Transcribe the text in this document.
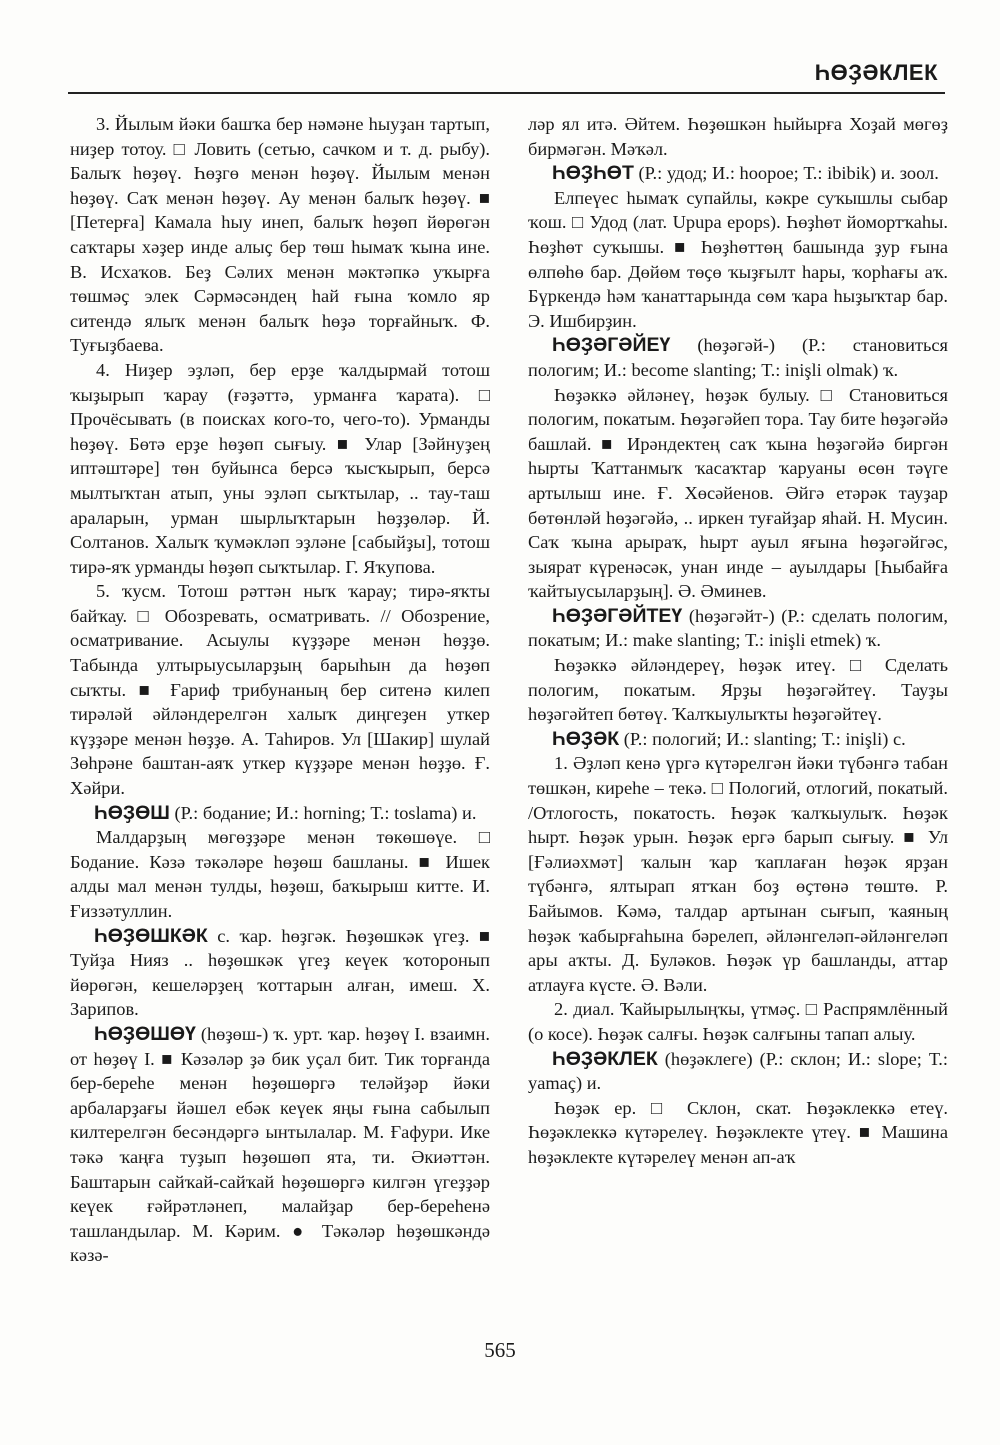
ҺӨҘӘКЛЕК

3. Йылым йәки башҡа бер нәмәне һыуҙан тартып, ниҙер тотоу. □ Ловить (сетью, сачком и т. д. рыбу). Балыҡ һөҙөү. Һөҙгө менән һөҙөү. Йылым менән һөҙөү. Саҡ менән һөҙөү. Ау менән балыҡ һөҙөү. ■ [Петерға] Камала һыу инеп, балыҡ һөҙөп йөрөгән саҡтары хәҙер инде алыҫ бер төш һымаҡ ҡына ине. В. Исхаҡов. Беҙ Сәлих менән мәктәпкә уҡырға төшмәҫ элек Сәрмәсәндең һай ғына ҡомло яр ситендә ялыҡ менән балыҡ һөҙә торғайныҡ. Ф. Туғыҙбаева.

4. Ниҙер эҙләп, бер ерҙе ҡалдырмай тотош ҡыҙырып ҡарау (ғәҙәттә, урманға ҡарата). □ Прочёсывать (в поисках кого-то, чего-то). Урманды һөҙөү. Бөтә ерҙе һөҙөп сығыу. ■ Улар [Зәйнуҙең иптәштәре] төн буйынса берсә ҡысҡырып, берсә мылтыҡтан атып, уны эҙләп сыҡтылар, .. тау-таш араларын, урман шырлыҡтарын һөҙҙөләр. Й. Солтанов. Халыҡ ҡумәкләп эҙләне [сабыйҙы], тотош тирә-яҡ урманды һөҙөп сыҡтылар. Г. Яҡупова.

5. ҡусм. Тотош рәттән ныҡ ҡарау; тирә-яҡты байҡау. □ Обозревать, осматривать. // Обозрение, осматривание. Асыулы күҙҙәре менән һөҙҙө. Табында ултырыусыларҙың барыһын да һөҙөп сыҡты. ■ Ғариф трибунаның бер ситенә килеп тирәләй әйләндерелгән халыҡ диңгеҙен уткер күҙҙәре менән һөҙҙө. А. Таһиров. Ул [Шакир] шулай Зөһрәне баштан-аяҡ уткер күҙҙәре менән һөҙҙө. Ғ. Хәйри.

ҺӨҘӨШ (Р.: бодание; И.: horning; Т.: toslama) и.

Малдарҙың мөгөҙҙәре менән төкөшөүе. □ Бодание. Кәзә тәкәләре һөҙөш башланы. ■ Ишек алды мал менән тулды, һөҙөш, баҡырыш китте. И. Ғиззәтуллин.

ҺӨҘӨШКӘК с. ҡар. һөҙгәк. Һөҙөшкәк үгеҙ. ■ Туйҙа Нияз .. һөҙөшкәк үгеҙ кеүек ҡоторонып йөрөгән, кешеләрҙең ҡоттарын алған, имеш. Х. Зарипов.

ҺӨҘӨШӨҮ (һөҙөш-) ҡ. урт. ҡар. һөҙөү I. взаимн. от һөҙөү I. ■ Кәзәләр ҙә бик уҫал бит. Тик торғанда бер-береһе менән һөҙөшөргә теләйҙәр йәки арбаларҙағы йәшел ебәк кеүек яңы ғына сабылып килтерелгән бесәндәргә ынтылалар. М. Ғафури. Ике тәкә ҡаңға туҙып һөҙөшөп ята, ти. Әкиәттән. Баштарын сайҡай-сайҡай һөҙөшөргә килгән үгеҙҙәр кеүек ғәйрәтләнеп, малайҙар бер-береһенә ташландылар. М. Кәрим. ● Тәкәләр һөҙөшкәндә кәзә-

ләр ял итә. Әйтем. Һөҙөшкән һыйырға Хоҙай мөгөҙ бирмәгән. Мәҡәл.

ҺӨҘҺӨТ (Р.: удод; И.: hoopoe; Т.: ibibik) и. зоол.

Елпеүес һымаҡ супайлы, кәкре суҡышлы сыбар ҡош. □ Удод (лат. Upupa epops). Һөҙһөт йомортҡаһы. Һөҙһөт суҡышы. ■ Һөҙһөттөң башында ҙур ғына өлпөһө бар. Дөйөм төҫө ҡыҙғылт һары, ҡорһағы аҡ. Бүркендә һәм ҡанаттарында сөм ҡара һыҙыҡтар бар. Э. Ишбирҙин.

ҺӨҘӘГӘЙЕҮ (һөҙәгәй-) (Р.: становиться пологим; И.: become slanting; Т.: inişli olmak) ҡ.

Һөҙәккә әйләнеү, һөҙәк булыу. □ Становиться пологим, покатым. Һөҙәгәйеп тора. Тау бите һөҙәгәйә башлай. ■ Ирәндектең саҡ ҡына һөҙәгәйә биргән һырты Ҡаттанмыҡ ҡасаҡтар ҡаруаны өсөн тәүге артылыш ине. Ғ. Хөсәйенов. Әйгә етәрәк тауҙар бөтөнләй һөҙәгәйә, .. иркен туғайҙар яһай. Н. Мусин. Саҡ ҡына арыраҡ, һырт ауыл яғына һөҙәгәйгәс, зыярат күренәсәк, унан инде – ауылдары [Һыбайға ҡайтыусыларҙың]. Ә. Әминев.

ҺӨҘӘГӘЙТЕҮ (һөҙәгәйт-) (Р.: сделать пологим, покатым; И.: make slanting; Т.: inişli etmek) ҡ.

Һөҙәккә әйләндереү, һөҙәк итеү. □ Сделать пологим, покатым. Ярҙы һөҙәгәйтеү. Тауҙы һөҙәгәйтеп бөтөү. Ҡалҡыулыҡты һөҙәгәйтеү.

ҺӨҘӘК (Р.: пологий; И.: slanting; Т.: inişli) с.

1. Әҙләп кенә үргә күтәрелгән йәки түбәнгә табан төшкән, киреһе – текә. □ Пологий, отлогий, покатый. /Отлогость, покатость. Һөҙәк ҡалҡыулыҡ. Һөҙәк һырт. Һөҙәк урын. Һөҙәк ергә барып сығыу. ■ Ул [Ғәлиәхмәт] ҡалын ҡар ҡаплаған һөҙәк ярҙан түбәнгә, ялтырап ятҡан боҙ өҫтөнә төштө. Р. Байымов. Кәмә, талдар артынан сығып, ҡаяның һөҙәк ҡабырғаһына бәрелеп, әйләнгеләп-әйләнгеләп ары аҡты. Д. Буләков. Һөҙәк үр башланды, аттар атлауға күсте. Ә. Вәли.

2. диал. Ҡайырылыңҡы, үтмәҫ. □ Распрямлённый (о косе). Һөҙәк салғы. Һөҙәк салғыны тапап алыу.

ҺӨҘӘКЛЕК (һөҙәклеге) (Р.: склон; И.: slope; Т.: yamaç) и.

Һөҙәк ер. □ Склон, скат. Һөҙәклеккә етеү. Һөҙәклеккә күтәрелеү. Һөҙәклекте үтеү. ■ Машина һөҙәклекте күтәрелеү менән ап-аҡ

565
